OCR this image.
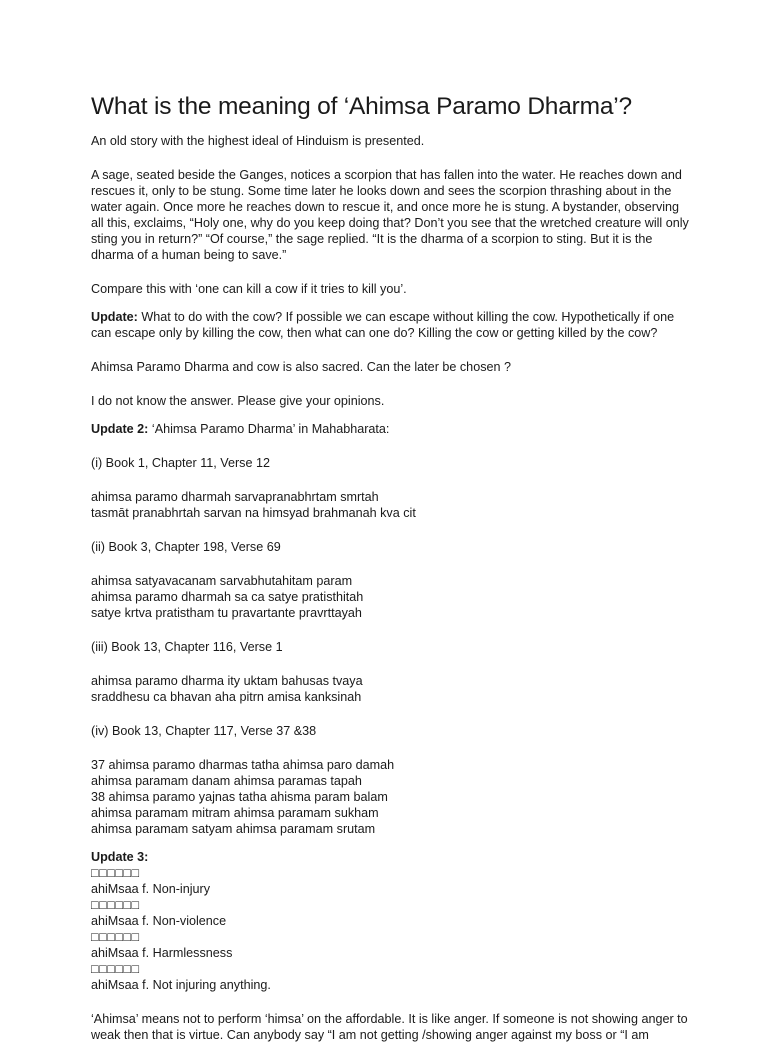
What is the meaning of ‘Ahimsa Paramo Dharma’?

An old story with the highest ideal of Hinduism is presented.

A sage, seated beside the Ganges, notices a scorpion that has fallen into the water. He reaches down and rescues it, only to be stung. Some time later he looks down and sees the scorpion thrashing about in the water again. Once more he reaches down to rescue it, and once more he is stung. A bystander, observing all this, exclaims, “Holy one, why do you keep doing that? Don’t you see that the wretched creature will only sting you in return?” “Of course,” the sage replied. “It is the dharma of a scorpion to sting. But it is the dharma of a human being to save.”

Compare this with ‘one can kill a cow if it tries to kill you’.

Update: What to do with the cow? If possible we can escape without killing the cow. Hypothetically if one can escape only by killing the cow, then what can one do? Killing the cow or getting killed by the cow?

Ahimsa Paramo Dharma and cow is also sacred. Can the later be chosen ?

I do not know the answer. Please give your opinions.

Update 2: ‘Ahimsa Paramo Dharma’ in Mahabharata:

(i) Book 1, Chapter 11, Verse 12

ahimsa paramo dharmah sarvapranabhrtam smrtah
tasmāt pranabhrtah sarvan na himsyad brahmanah kva cit

(ii) Book 3, Chapter 198, Verse 69

ahimsa satyavacanam sarvabhutahitam param
ahimsa paramo dharmah sa ca satye pratisthitah
satye krtva pratistham tu pravartante pravrttayah

(iii) Book 13, Chapter 116, Verse 1

ahimsa paramo dharma ity uktam bahusas tvaya
sraddhesu ca bhavan aha pitrn amisa kanksinah

(iv) Book 13, Chapter 117, Verse 37 &38

37 ahimsa paramo dharmas tatha ahimsa paro damah
ahimsa paramam danam ahimsa paramas tapah
38 ahimsa paramo yajnas tatha ahisma param balam
ahimsa paramam mitram ahimsa paramam sukham
ahimsa paramam satyam ahimsa paramam srutam

Update 3:
□□□□□□
ahiMsaa f. Non-injury
□□□□□□
ahiMsaa f. Non-violence
□□□□□□
ahiMsaa f. Harmlessness
□□□□□□
ahiMsaa f. Not injuring anything.

‘Ahimsa’ means not to perform ‘himsa’ on the affordable. It is like anger. If someone is not showing anger to weak then that is virtue. Can anybody say “I am not getting /showing anger against my boss or “I am
